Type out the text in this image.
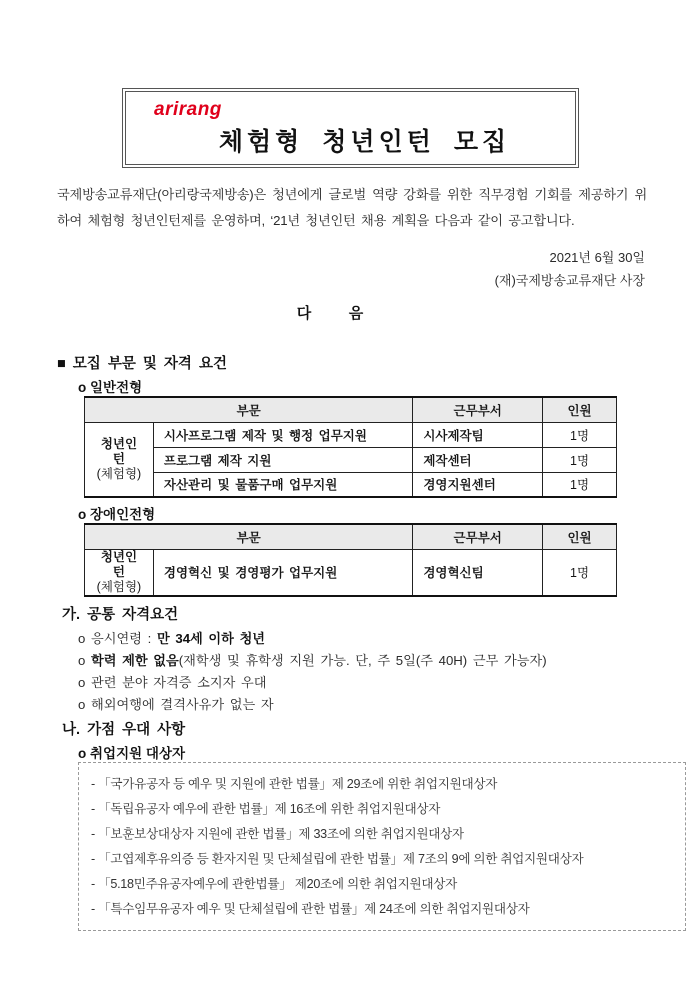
arirang
체험형 청년인턴 모집

국제방송교류재단(아리랑국제방송)은 청년에게 글로벌 역량 강화를 위한 직무경험 기회를 제공하기 위하여 체험형 청년인턴제를 운영하며, ‘21년 청년인턴 채용 계획을 다음과 같이 공고합니다.

2021년 6월 30일
(재)국제방송교류재단 사장
다         음
■ 모집 부문 및 자격 요건
o 일반전형
부문		근무부서	인원
청년인턴
(체험형)	시사프로그램 제작 및 행정 업무지원	시사제작팀	1명
	프로그램 제작 지원	제작센터	1명
	자산관리 및 물품구매 업무지원	경영지원센터	1명
o 장애인전형
부문		근무부서	인원
청년인턴
(체험형)	경영혁신 및 경영평가 업무지원	경영혁신팀	1명
가. 공통 자격요건
o 응시연령 : 만 34세 이하 청년
o 학력 제한 없음(재학생 및 휴학생 지원 가능. 단, 주 5일(주 40H) 근무 가능자)
o 관련 분야 자격증 소지자 우대
o 해외여행에 결격사유가 없는 자
나. 가점 우대 사항
o 취업지원 대상자
- 「국가유공자 등 예우 및 지원에 관한 법률」제 29조에 위한 취업지원대상자
- 「독립유공자 예우에 관한 법률」제 16조에 위한 취업지원대상자
- 「보훈보상대상자 지원에 관한 법률」제 33조에 의한 취업지원대상자
- 「고엽제후유의증 등 환자지원 및 단체설립에 관한 법률」제 7조의 9에 의한 취업지원대상자
- 「5.18민주유공자예우에 관한법률」 제20조에 의한 취업지원대상자
- 「특수임무유공자 예우 및 단체설립에 관한 법률」제 24조에 의한 취업지원대상자
